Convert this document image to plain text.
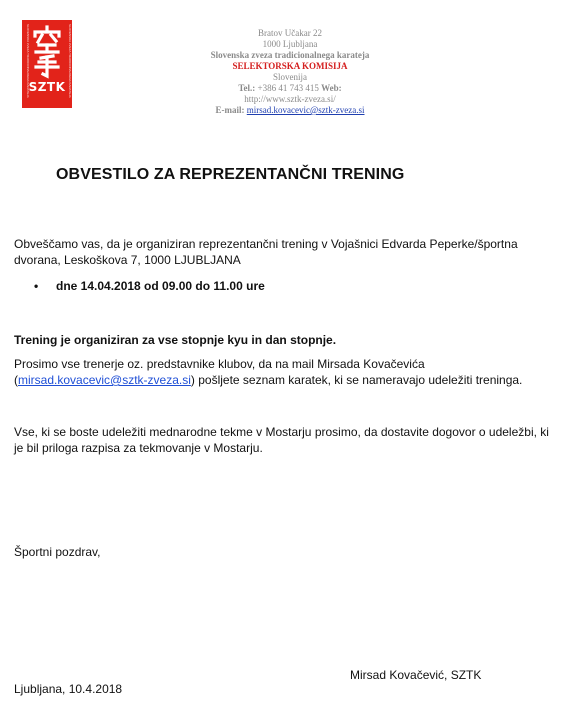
SLOVENSKA ZVEZA TRADICIONALNEGA KARATEJA
SZTK SLOVENSKA ZVEZA TRADICIONALNEGA KARATEJA	Bratov Učakar 22
1000 Ljubljana
Slovenska zveza tradicionalnega karateja
SELEKTORSKA KOMISIJA
Slovenija
Tel.: +386 41 743 415 Web:
http://www.sztk-zveza.si/
E-mail: mirsad.kovacevic@sztk-zveza.si
OBVESTILO ZA REPREZENTANČNI TRENING
Obveščamo vas, da je organiziran reprezentančni trening v Vojašnici Edvarda Peperke/športna
dvorana, Leskoškova 7, 1000 LJUBLJANA
• dne 14.04.2018 od 09.00 do 11.00 ure
Trening je organiziran za vse stopnje kyu in dan stopnje.
Prosimo vse trenerje oz. predstavnike klubov, da na mail Mirsada Kovačevića
(mirsad.kovacevic@sztk-zveza.si) pošljete seznam karatek, ki se nameravajo udeležiti treninga.
Vse, ki se boste udeležiti mednarodne tekme v Mostarju prosimo, da dostavite dogovor o udeležbi, ki
je bil priloga razpisa za tekmovanje v Mostarju.
Športni pozdrav,
Mirsad Kovačević, SZTK
Ljubljana, 10.4.2018
